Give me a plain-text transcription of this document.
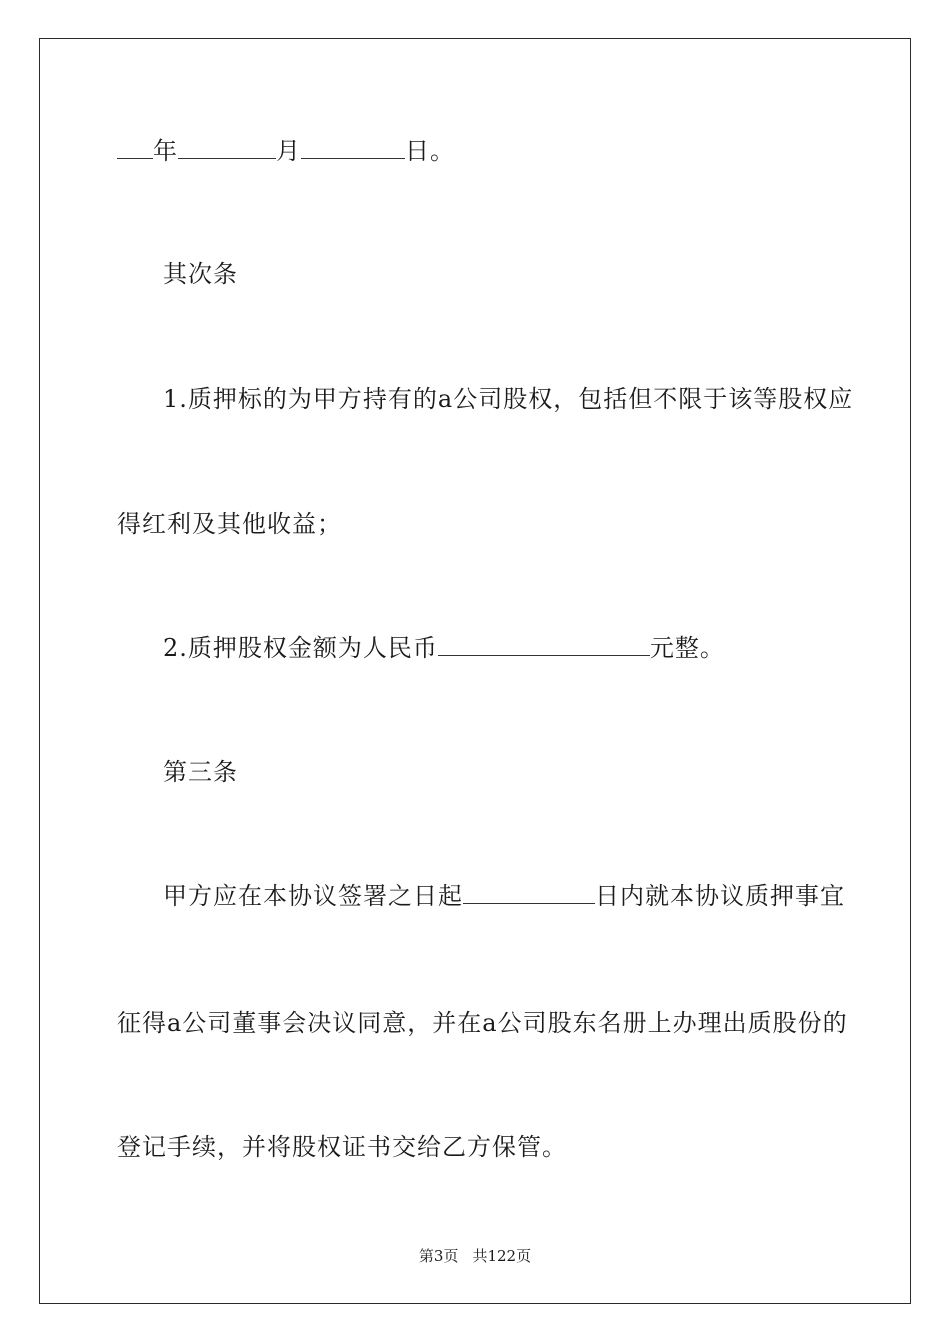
年	月	日。
其次条
1.质押标的为甲方持有的a公司股权，包括但不限于该等股权应
得红利及其他收益；
2.质押股权金额为人民币	元整。
第三条
甲方应在本协议签署之日起	日内就本协议质押事宜
征得a公司董事会决议同意，并在a公司股东名册上办理出质股份的
登记手续，并将股权证书交给乙方保管。
第3页 共122页
